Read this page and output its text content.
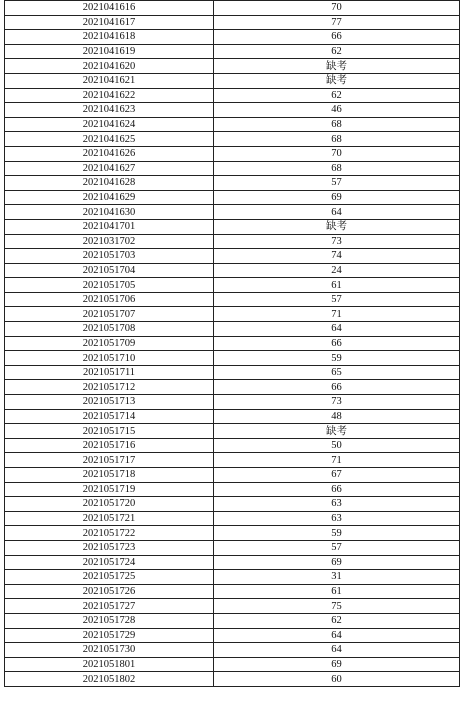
2021041616	70
2021041617	77
2021041618	66
2021041619	62
2021041620	缺考
2021041621	缺考
2021041622	62
2021041623	46
2021041624	68
2021041625	68
2021041626	70
2021041627	68
2021041628	57
2021041629	69
2021041630	64
2021041701	缺考
2021031702	73
2021051703	74
2021051704	24
2021051705	61
2021051706	57
2021051707	71
2021051708	64
2021051709	66
2021051710	59
2021051711	65
2021051712	66
2021051713	73
2021051714	48
2021051715	缺考
2021051716	50
2021051717	71
2021051718	67
2021051719	66
2021051720	63
2021051721	63
2021051722	59
2021051723	57
2021051724	69
2021051725	31
2021051726	61
2021051727	75
2021051728	62
2021051729	64
2021051730	64
2021051801	69
2021051802	60
